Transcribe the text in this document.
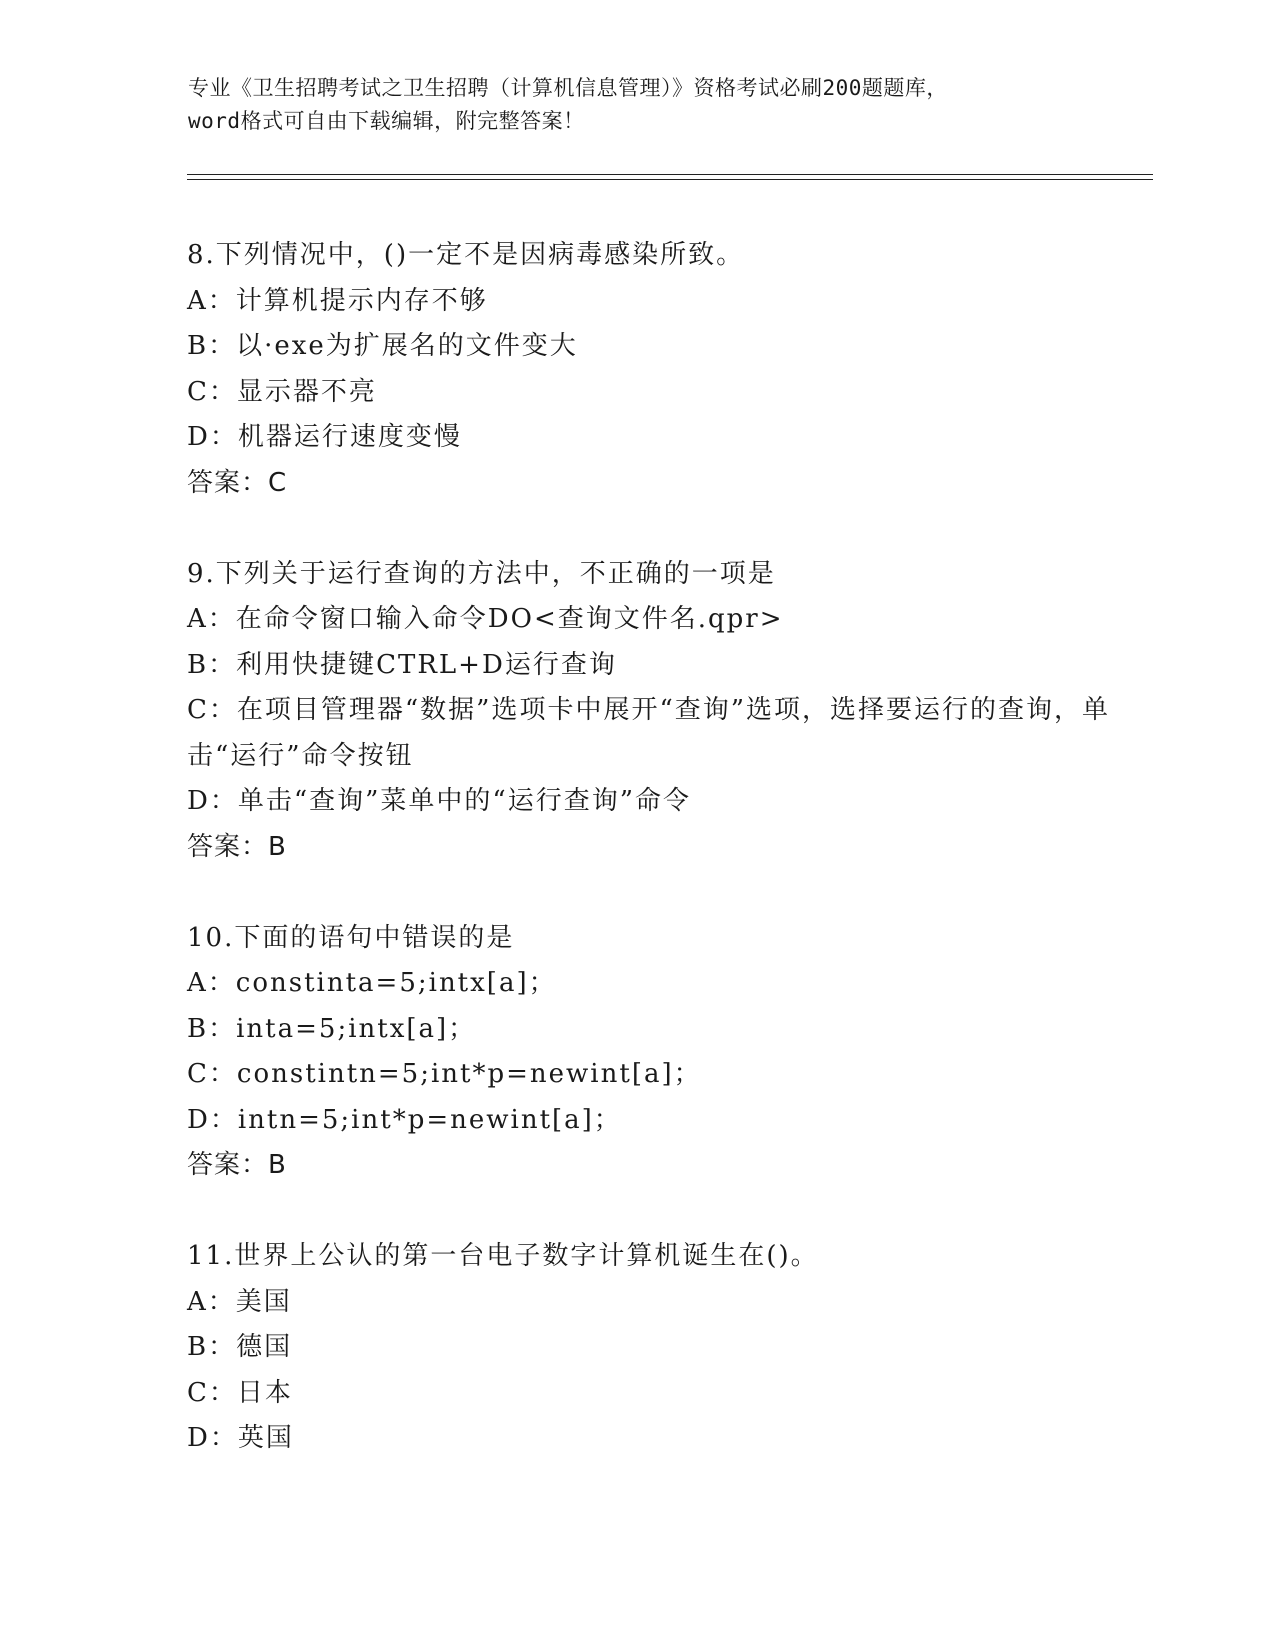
专业《卫生招聘考试之卫生招聘（计算机信息管理）》资格考试必刷200题题库，
word格式可自由下载编辑，附完整答案！

8.下列情况中，()一定不是因病毒感染所致。

A：计算机提示内存不够

B：以·exe为扩展名的文件变大

C：显示器不亮

D：机器运行速度变慢

答案：C

9.下列关于运行查询的方法中，不正确的一项是

A：在命令窗口输入命令DO<查询文件名.qpr>

B：利用快捷键CTRL+D运行查询

C：在项目管理器“数据”选项卡中展开“查询”选项，选择要运行的查询，单击“运行”命令按钮

D：单击“查询”菜单中的“运行查询”命令

答案：B

10.下面的语句中错误的是

A：constinta=5;intx[a]；

B：inta=5;intx[a]；

C：constintn=5;int*p=newint[a]；

D：intn=5;int*p=newint[a]；

答案：B

11.世界上公认的第一台电子数字计算机诞生在()。

A：美国

B：德国

C：日本

D：英国
